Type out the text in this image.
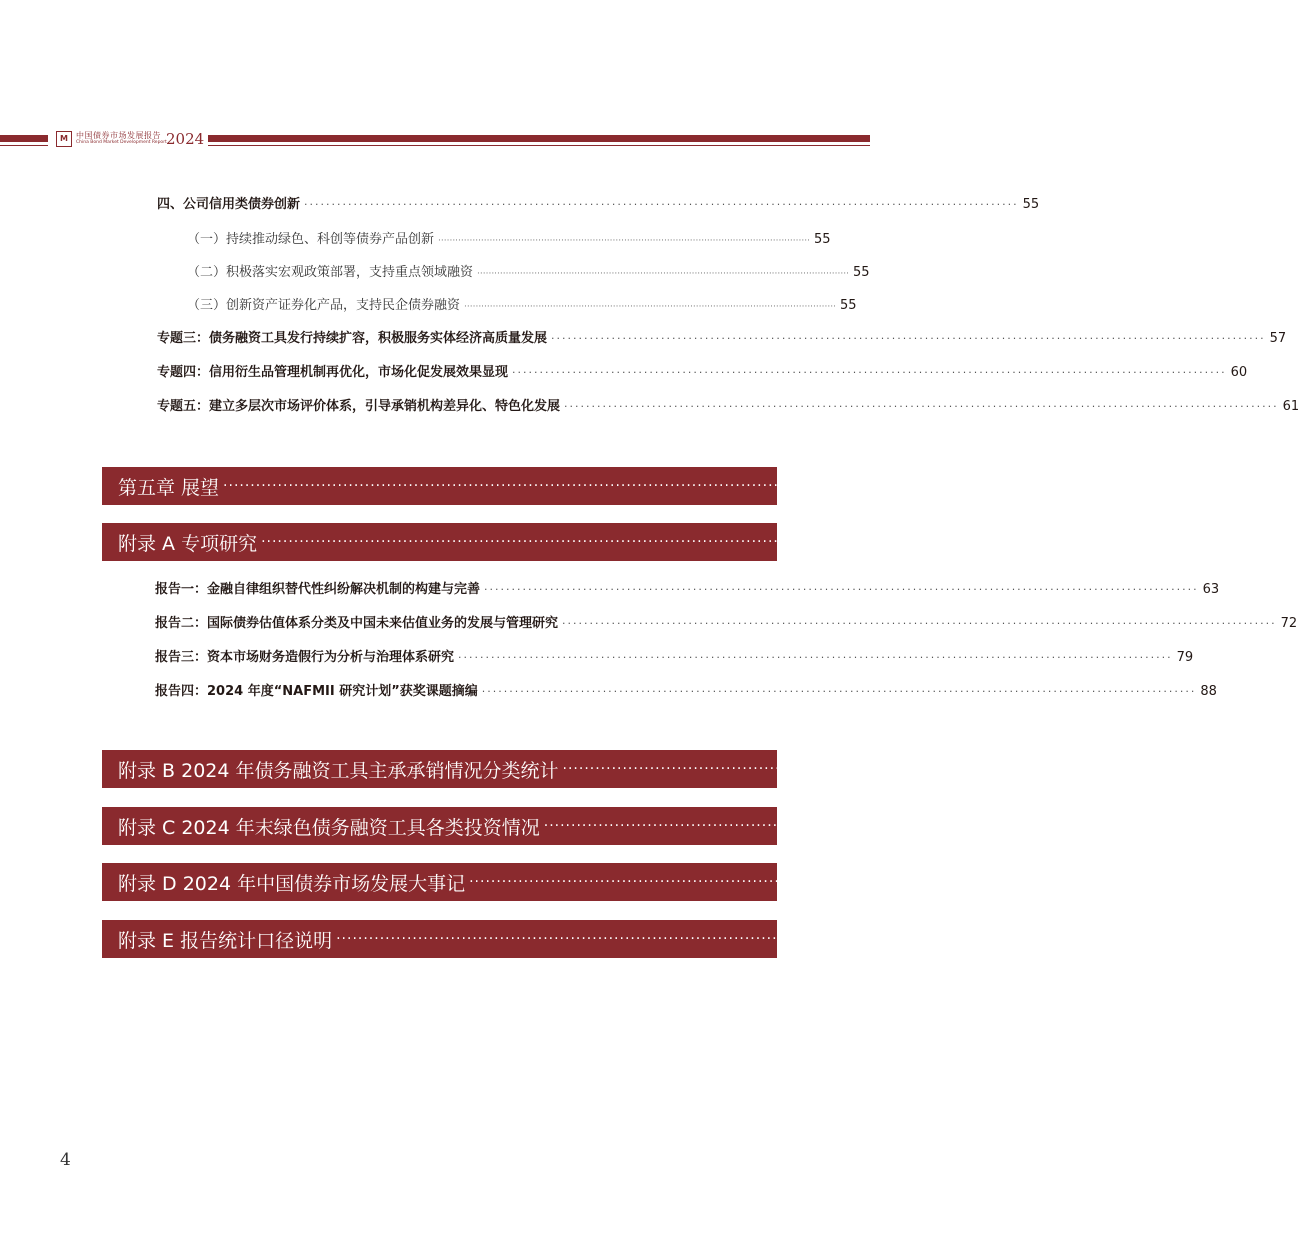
M	中国债券市场发展报告
China Bond Market Development Report 2024
四、公司信用类债券创新 ·································································································································· 55
（一）持续推动绿色、科创等债券产品创新 ·································································································································· 55
（二）积极落实宏观政策部署，支持重点领域融资 ·································································································································· 55
（三）创新资产证券化产品，支持民企债券融资 ·································································································································· 55
专题三：债务融资工具发行持续扩容，积极服务实体经济高质量发展 ·································································································································· 57
专题四：信用衍生品管理机制再优化，市场化促发展效果显现 ·································································································································· 60
专题五：建立多层次市场评价体系，引导承销机构差异化、特色化发展 ·································································································································· 61
第五章 展望 ·································································································································· 62
附录 A 专项研究 ·································································································································· 63
报告一：金融自律组织替代性纠纷解决机制的构建与完善 ·································································································································· 63
报告二：国际债券估值体系分类及中国未来估值业务的发展与管理研究 ·································································································································· 72
报告三：资本市场财务造假行为分析与治理体系研究 ·································································································································· 79
报告四：2024 年度“NAFMII 研究计划”获奖课题摘编 ·································································································································· 88
附录 B 2024 年债务融资工具主承承销情况分类统计 ·································································································································· 93
附录 C 2024 年末绿色债务融资工具各类投资情况 ·································································································································· 97
附录 D 2024 年中国债券市场发展大事记 ·································································································································· 100
附录 E 报告统计口径说明 ·································································································································· 107
4
